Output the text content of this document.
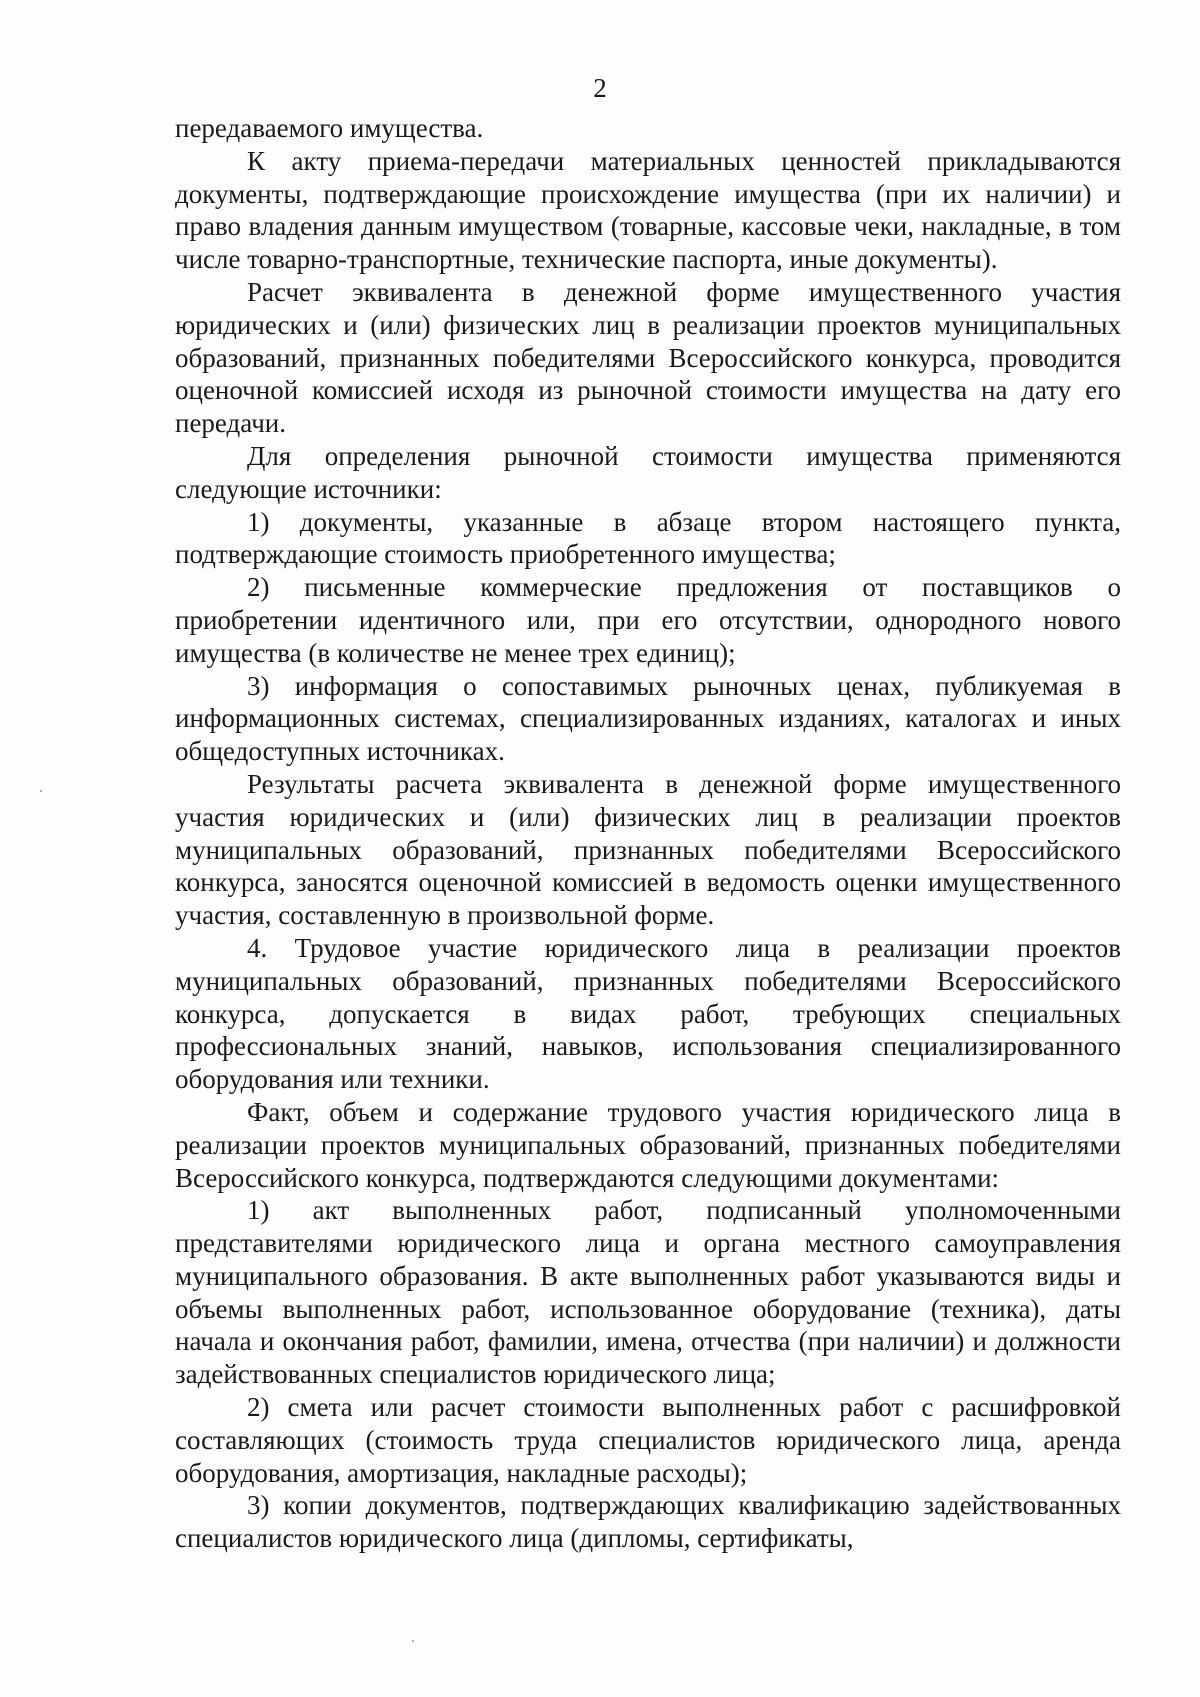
2

передаваемого имущества.

К акту приема-передачи материальных ценностей прикладываются документы, подтверждающие происхождение имущества (при их наличии) и право владения данным имуществом (товарные, кассовые чеки, накладные, в том числе товарно-транспортные, технические паспорта, иные документы).

Расчет эквивалента в денежной форме имущественного участия юридических и (или) физических лиц в реализации проектов муниципальных образований, признанных победителями Всероссийского конкурса, проводится оценочной комиссией исходя из рыночной стоимости имущества на дату его передачи.

Для определения рыночной стоимости имущества применяются следующие источники:

1) документы, указанные в абзаце втором настоящего пункта, подтверждающие стоимость приобретенного имущества;

2) письменные коммерческие предложения от поставщиков о приобретении идентичного или, при его отсутствии, однородного нового имущества (в количестве не менее трех единиц);

3) информация о сопоставимых рыночных ценах, публикуемая в информационных системах, специализированных изданиях, каталогах и иных общедоступных источниках.

Результаты расчета эквивалента в денежной форме имущественного участия юридических и (или) физических лиц в реализации проектов муниципальных образований, признанных победителями Всероссийского конкурса, заносятся оценочной комиссией в ведомость оценки имущественного участия, составленную в произвольной форме.

4. Трудовое участие юридического лица в реализации проектов муниципальных образований, признанных победителями Всероссийского конкурса, допускается в видах работ, требующих специальных профессиональных знаний, навыков, использования специализированного оборудования или техники.

Факт, объем и содержание трудового участия юридического лица в реализации проектов муниципальных образований, признанных победителями Всероссийского конкурса, подтверждаются следующими документами:

1) акт выполненных работ, подписанный уполномоченными представителями юридического лица и органа местного самоуправления муниципального образования. В акте выполненных работ указываются виды и объемы выполненных работ, использованное оборудование (техника), даты начала и окончания работ, фамилии, имена, отчества (при наличии) и должности задействованных специалистов юридического лица;

2) смета или расчет стоимости выполненных работ с расшифровкой составляющих (стоимость труда специалистов юридического лица, аренда оборудования, амортизация, накладные расходы);

3) копии документов, подтверждающих квалификацию задействованных специалистов юридического лица (дипломы, сертификаты,
